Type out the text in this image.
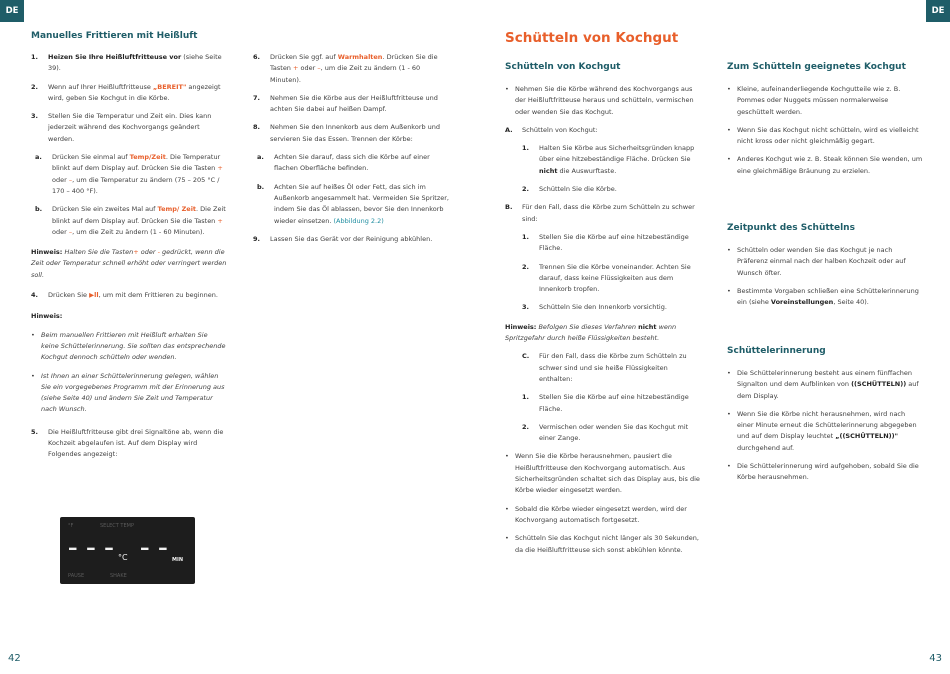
DE	DE
Manuelles Frittieren mit Heißluft
1. Heizen Sie Ihre Heißluftfritteuse vor (siehe Seite 39).
2. Wenn auf Ihrer Heißluftfritteuse „BEREIT" angezeigt wird, geben Sie Kochgut in die Körbe.
3. Stellen Sie die Temperatur und Zeit ein. Dies kann jederzeit während des Kochvorgangs geändert werden.
a. Drücken Sie einmal auf Temp/Zeit. Die Temperatur blinkt auf dem Display auf. Drücken Sie die Tasten + oder –, um die Temperatur zu ändern (75 – 205 °C / 170 – 400 °F).
b. Drücken Sie ein zweites Mal auf Temp/ Zeit. Die Zeit blinkt auf dem Display auf. Drücken Sie die Tasten + oder –, um die Zeit zu ändern (1 - 60 Minuten).
Hinweis: Halten Sie die Tasten+ oder - gedrückt, wenn die Zeit oder Temperatur schnell erhöht oder verringert werden soll.
4. Drücken Sie ▶ll, um mit dem Frittieren zu beginnen.
Hinweis:
• Beim manuellen Frittieren mit Heißluft erhalten Sie keine Schüttelerinnerung. Sie sollten das entsprechende Kochgut dennoch schütteln oder wenden.
• Ist Ihnen an einer Schüttelerinnerung gelegen, wählen Sie ein vorgegebenes Programm mit der Erinnerung aus (siehe Seite 40) und ändern Sie Zeit und Temperatur nach Wunsch.
5. Die Heißluftfritteuse gibt drei Signaltöne ab, wenn die Kochzeit abgelaufen ist. Auf dem Display wird Folgendes angezeigt:
°F	SELECT TEMP
– – – °C – –
MIN
PAUSE	SHAKE
6. Drücken Sie ggf. auf Warmhalten. Drücken Sie die Tasten + oder –, um die Zeit zu ändern (1 - 60 Minuten).
7. Nehmen Sie die Körbe aus der Heißluftfritteuse und achten Sie dabei auf heißen Dampf.
8. Nehmen Sie den Innenkorb aus dem Außenkorb und servieren Sie das Essen. Trennen der Körbe:
a. Achten Sie darauf, dass sich die Körbe auf einer flachen Oberfläche befinden.
b. Achten Sie auf heißes Öl oder Fett, das sich im Außenkorb angesammelt hat. Vermeiden Sie Spritzer, indem Sie das Öl ablassen, bevor Sie den Innenkorb wieder einsetzen. (Abbildung 2.2)
9. Lassen Sie das Gerät vor der Reinigung abkühlen.
42
Schütteln von Kochgut
Schütteln von Kochgut
• Nehmen Sie die Körbe während des Kochvorgangs aus der Heißluftfritteuse heraus und schütteln, vermischen oder wenden Sie das Kochgut.
A. Schütteln von Kochgut:
1. Halten Sie Körbe aus Sicherheitsgründen knapp über eine hitzebeständige Fläche. Drücken Sie nicht die Auswurftaste.
2. Schütteln Sie die Körbe.
B. Für den Fall, dass die Körbe zum Schütteln zu schwer sind:
1. Stellen Sie die Körbe auf eine hitzebeständige Fläche.
2. Trennen Sie die Körbe voneinander. Achten Sie darauf, dass keine Flüssigkeiten aus dem Innenkorb tropfen.
3. Schütteln Sie den Innenkorb vorsichtig.
Hinweis: Befolgen Sie dieses Verfahren nicht wenn Spritzgefahr durch heiße Flüssigkeiten besteht.
C. Für den Fall, dass die Körbe zum Schütteln zu schwer sind und sie heiße Flüssigkeiten enthalten:
1. Stellen Sie die Körbe auf eine hitzebeständige Fläche.
2. Vermischen oder wenden Sie das Kochgut mit einer Zange.
• Wenn Sie die Körbe herausnehmen, pausiert die Heißluftfritteuse den Kochvorgang automatisch. Aus Sicherheitsgründen schaltet sich das Display aus, bis die Körbe wieder eingesetzt werden.
• Sobald die Körbe wieder eingesetzt werden, wird der Kochvorgang automatisch fortgesetzt.
• Schütteln Sie das Kochgut nicht länger als 30 Sekunden, da die Heißluftfritteuse sich sonst abkühlen könnte.
Zum Schütteln geeignetes Kochgut
• Kleine, aufeinanderliegende Kochgutteile wie z. B. Pommes oder Nuggets müssen normalerweise geschüttelt werden.
• Wenn Sie das Kochgut nicht schütteln, wird es vielleicht nicht kross oder nicht gleichmäßig gegart.
• Anderes Kochgut wie z. B. Steak können Sie wenden, um eine gleichmäßige Bräunung zu erzielen.
Zeitpunkt des Schüttelns
• Schütteln oder wenden Sie das Kochgut je nach Präferenz einmal nach der halben Kochzeit oder auf Wunsch öfter.
• Bestimmte Vorgaben schließen eine Schüttelerinnerung ein (siehe Voreinstellungen, Seite 40).
Schüttelerinnerung
• Die Schüttelerinnerung besteht aus einem fünffachen Signalton und dem Aufblinken von ((SCHÜTTELN)) auf dem Display.
• Wenn Sie die Körbe nicht herausnehmen, wird nach einer Minute erneut die Schüttelerinnerung abgegeben und auf dem Display leuchtet „((SCHÜTTELN))" durchgehend auf.
• Die Schüttelerinnerung wird aufgehoben, sobald Sie die Körbe herausnehmen.
43
